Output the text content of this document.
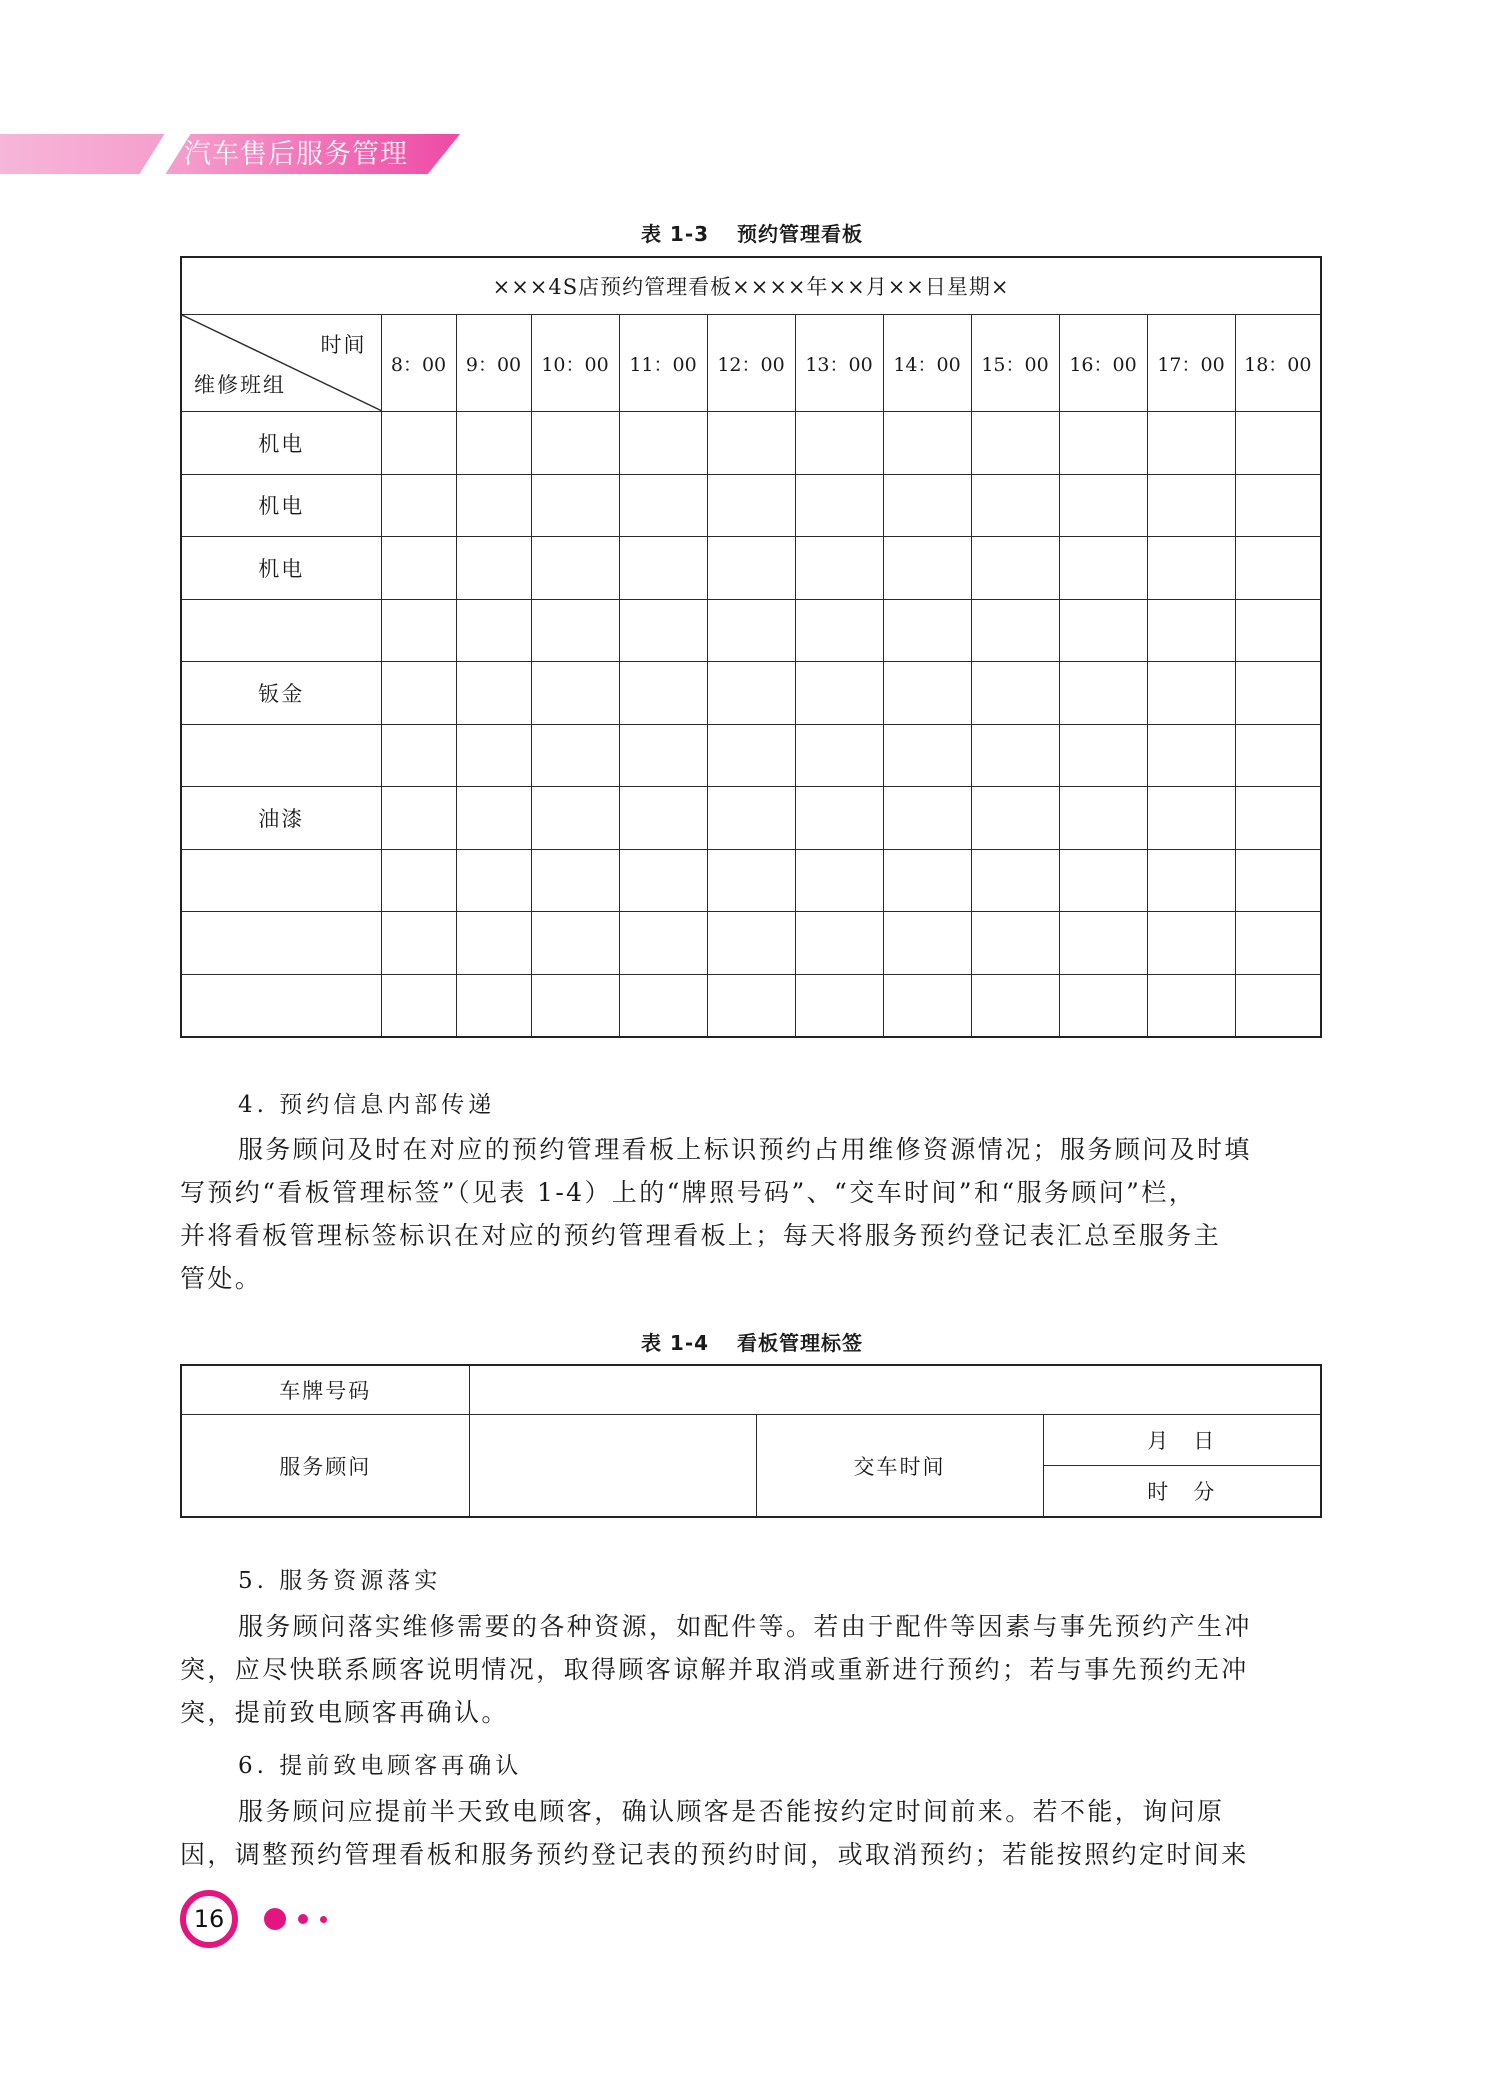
汽车售后服务管理
表 1-3 预约管理看板
×××4S店预约管理看板××××年××月××日星期×											

时间
维修班组	8：00	9：00	10：00	11：00	12：00	13：00	14：00	15：00	16：00	17：00	18：00
机电											
机电											
机电											

钣金											

油漆											

4. 预约信息内部传递
服务顾问及时在对应的预约管理看板上标识预约占用维修资源情况；服务顾问及时填
写预约“看板管理标签”（见表 1-4）上的“牌照号码”、“交车时间”和“服务顾问”栏，
并将看板管理标签标识在对应的预约管理看板上；每天将服务预约登记表汇总至服务主
管处。
表 1-4 看板管理标签
车牌号码			
服务顾问		交车时间	月　日
			时　分
5. 服务资源落实
服务顾问落实维修需要的各种资源，如配件等。若由于配件等因素与事先预约产生冲
突，应尽快联系顾客说明情况，取得顾客谅解并取消或重新进行预约；若与事先预约无冲
突，提前致电顾客再确认。
6. 提前致电顾客再确认
服务顾问应提前半天致电顾客，确认顾客是否能按约定时间前来。若不能，询问原
因，调整预约管理看板和服务预约登记表的预约时间，或取消预约；若能按照约定时间来
16
